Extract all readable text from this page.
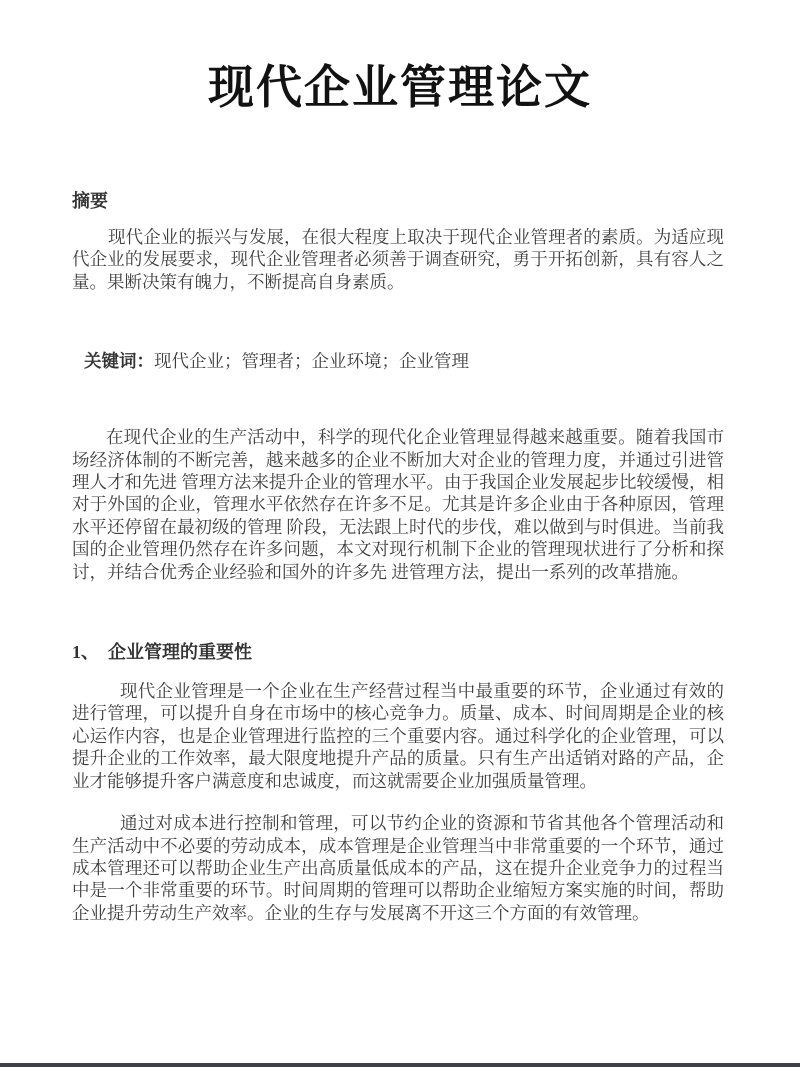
现代企业管理论文
摘要

现代企业的振兴与发展，在很大程度上取决于现代企业管理者的素质。为适应现代企业的发展要求，现代企业管理者必须善于调查研究，勇于开拓创新，具有容人之量。果断决策有魄力，不断提高自身素质。

关键词：现代企业；管理者；企业环境；企业管理

在现代企业的生产活动中，科学的现代化企业管理显得越来越重要。随着我国市场经济体制的不断完善，越来越多的企业不断加大对企业的管理力度，并通过引进管理人才和先进 管理方法来提升企业的管理水平。由于我国企业发展起步比较缓慢，相对于外国的企业，管理水平依然存在许多不足。尤其是许多企业由于各种原因，管理水平还停留在最初级的管理 阶段，无法跟上时代的步伐，难以做到与时俱进。当前我国的企业管理仍然存在许多问题，本文对现行机制下企业的管理现状进行了分析和探讨，并结合优秀企业经验和国外的许多先 进管理方法，提出一系列的改革措施。

1、 企业管理的重要性

现代企业管理是一个企业在生产经营过程当中最重要的环节，企业通过有效的进行管理，可以提升自身在市场中的核心竞争力。质量、成本、时间周期是企业的核心运作内容，也是企业管理进行监控的三个重要内容。通过科学化的企业管理，可以提升企业的工作效率，最大限度地提升产品的质量。只有生产出适销对路的产品，企业才能够提升客户满意度和忠诚度，而这就需要企业加强质量管理。

通过对成本进行控制和管理，可以节约企业的资源和节省其他各个管理活动和生产活动中不必要的劳动成本，成本管理是企业管理当中非常重要的一个环节，通过成本管理还可以帮助企业生产出高质量低成本的产品，这在提升企业竞争力的过程当中是一个非常重要的环节。时间周期的管理可以帮助企业缩短方案实施的时间，帮助企业提升劳动生产效率。企业的生存与发展离不开这三个方面的有效管理。
